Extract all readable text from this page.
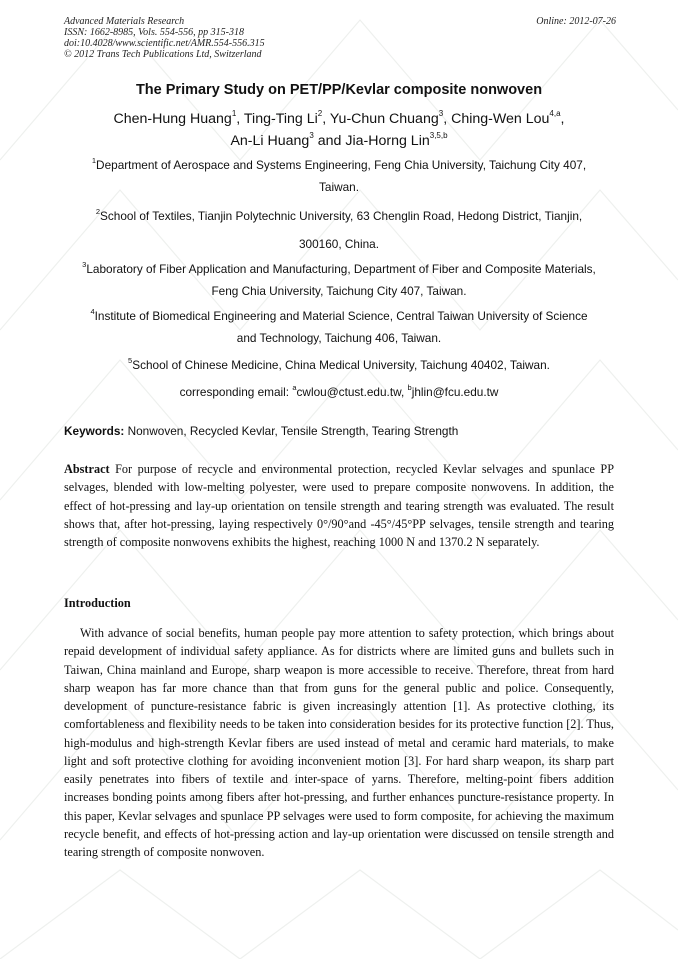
Advanced Materials Research
ISSN: 1662-8985, Vols. 554-556, pp 315-318
doi:10.4028/www.scientific.net/AMR.554-556.315
© 2012 Trans Tech Publications Ltd, Switzerland
Online: 2012-07-26
The Primary Study on PET/PP/Kevlar composite nonwoven
Chen-Hung Huang$^1$, Ting-Ting Li$^2$, Yu-Chun Chuang$^3$, Ching-Wen Lou$^{4,a}$,
An-Li Huang$^3$ and Jia-Horng Lin$^{3,5,b}$
$^1$Department of Aerospace and Systems Engineering, Feng Chia University, Taichung City 407,
Taiwan.
$^2$School of Textiles, Tianjin Polytechnic University, 63 Chenglin Road, Hedong District, Tianjin,
300160, China.
$^3$Laboratory of Fiber Application and Manufacturing, Department of Fiber and Composite Materials,
Feng Chia University, Taichung City 407, Taiwan.
$^4$Institute of Biomedical Engineering and Material Science, Central Taiwan University of Science
and Technology, Taichung 406, Taiwan.
$^5$School of Chinese Medicine, China Medical University, Taichung 40402, Taiwan.
corresponding email: $^a$cwlou@ctust.edu.tw, $^b$jhlin@fcu.edu.tw
Keywords: Nonwoven, Recycled Kevlar, Tensile Strength, Tearing Strength
Abstract For purpose of recycle and environmental protection, recycled Kevlar selvages and spunlace PP selvages, blended with low-melting polyester, were used to prepare composite nonwovens. In addition, the effect of hot-pressing and lay-up orientation on tensile strength and tearing strength was evaluated. The result shows that, after hot-pressing, laying respectively 0°/90°and -45°/45°PP selvages, tensile strength and tearing strength of composite nonwovens exhibits the highest, reaching 1000 N and 1370.2 N separately.
Introduction
With advance of social benefits, human people pay more attention to safety protection, which brings about repaid development of individual safety appliance. As for districts where are limited guns and bullets such in Taiwan, China mainland and Europe, sharp weapon is more accessible to receive. Therefore, threat from hard sharp weapon has far more chance than that from guns for the general public and police. Consequently, development of puncture-resistance fabric is given increasingly attention [1]. As protective clothing, its comfortableness and flexibility needs to be taken into consideration besides for its protective function [2]. Thus, high-modulus and high-strength Kevlar fibers are used instead of metal and ceramic hard materials, to make light and soft protective clothing for avoiding inconvenient motion [3]. For hard sharp weapon, its sharp part easily penetrates into fibers of textile and inter-space of yarns. Therefore, melting-point fibers addition increases bonding points among fibers after hot-pressing, and further enhances puncture-resistance property. In this paper, Kevlar selvages and spunlace PP selvages were used to form composite, for achieving the maximum recycle benefit, and effects of hot-pressing action and lay-up orientation were discussed on tensile strength and tearing strength of composite nonwoven.
